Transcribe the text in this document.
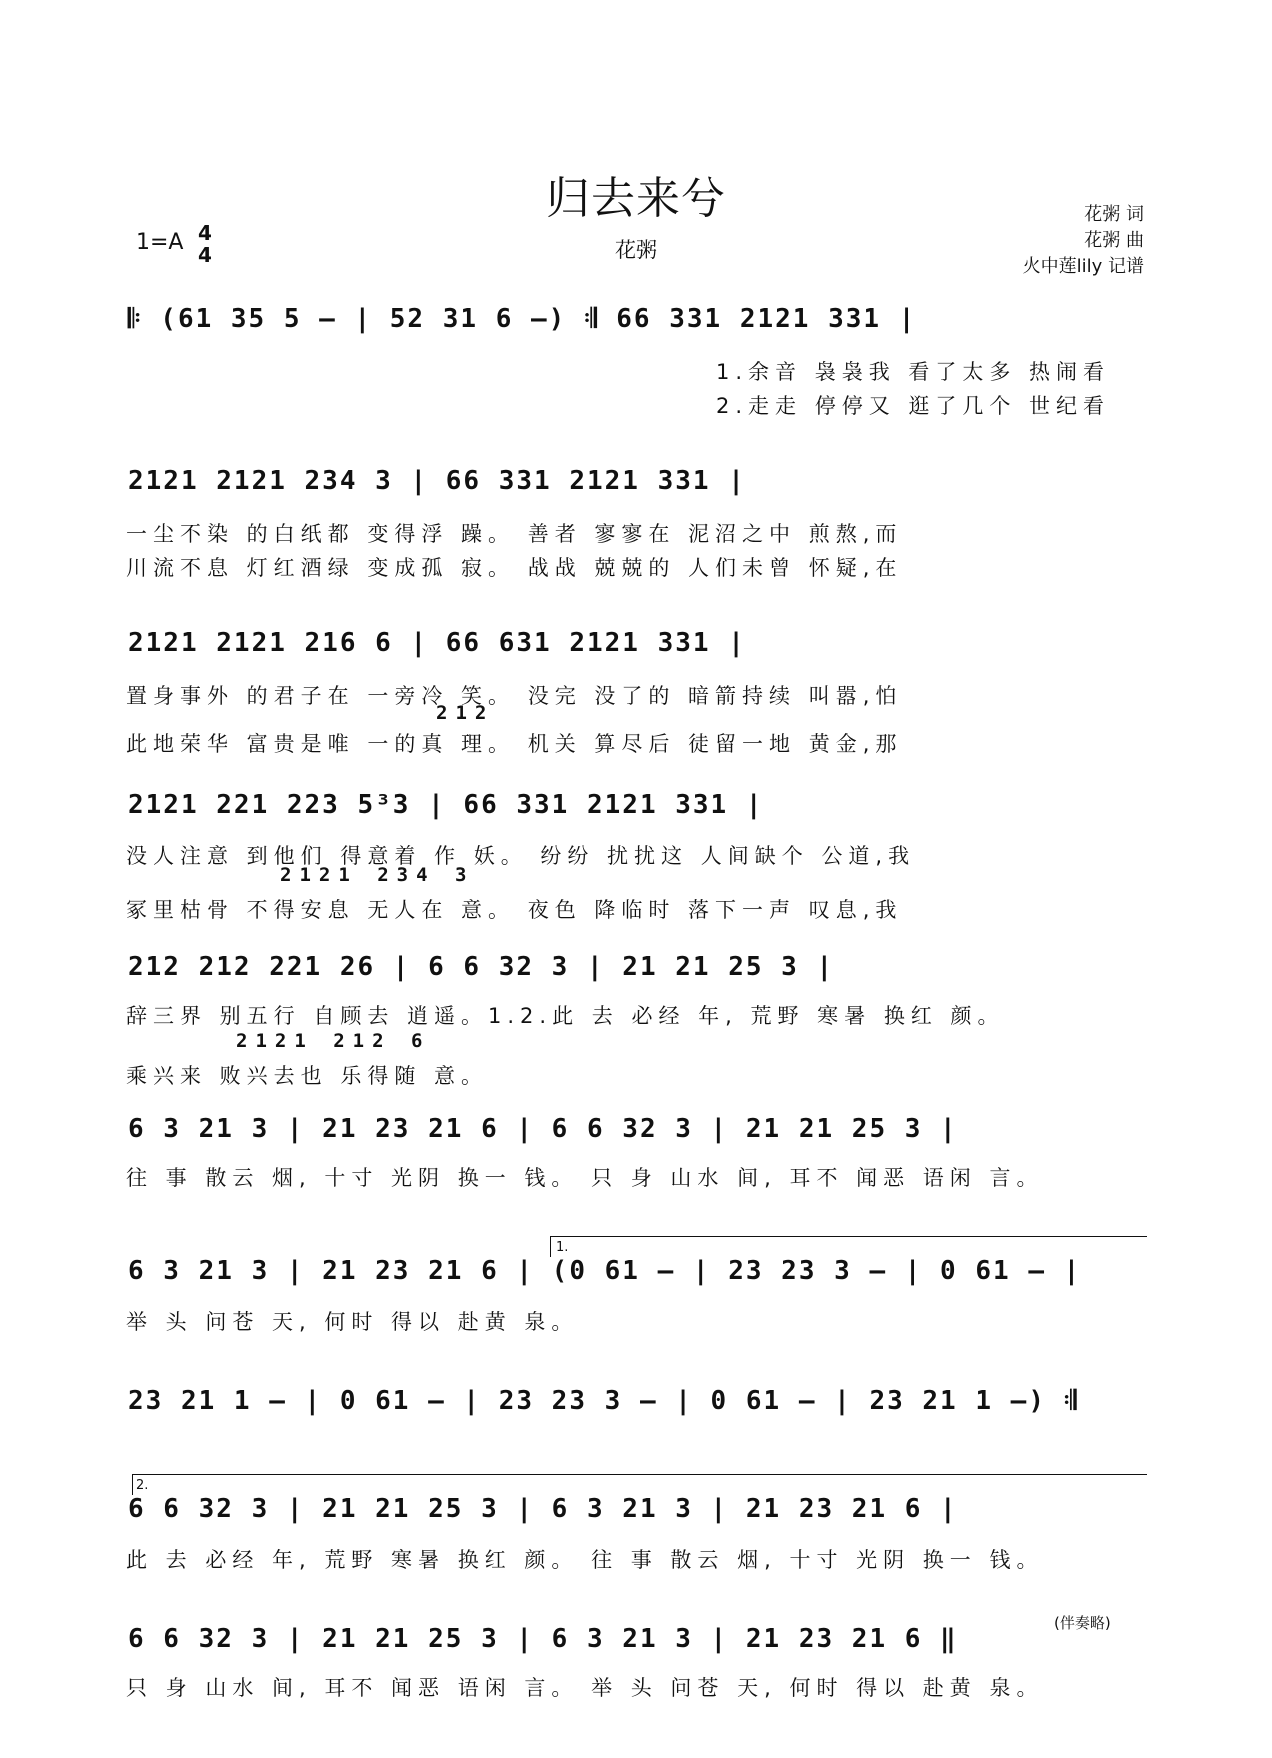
归去来兮
1=A 4
4	花粥
花粥 词
花粥 曲
火中莲lily 记谱
𝄆 (61 35 5 – | 52 31 6 –) 𝄇 66 331 2121 331 |
1.余音 袅袅我 看了太多 热闹看
2.走走 停停又 逛了几个 世纪看
2121 2121 234 3 | 66 331 2121 331 |
一尘不染 的白纸都 变得浮 躁。 善者 寥寥在 泥沼之中 煎熬,而
川流不息 灯红酒绿 变成孤 寂。 战战 兢兢的 人们未曾 怀疑,在
2121 2121 216 6 | 66 631 2121 331 |
置身事外 的君子在 一旁冷 笑。 没完 没了的 暗箭持续 叫嚣,怕
212
此地荣华 富贵是唯 一的真 理。 机关 算尽后 徒留一地 黄金,那
2121 221 223 5³3 | 66 331 2121 331 |
没人注意 到他们 得意着 作 妖。 纷纷 扰扰这 人间缺个 公道,我
2121 234 3
冢里枯骨 不得安息 无人在 意。 夜色 降临时 落下一声 叹息,我
212 212 221 26 | 6 6 32 3 | 21 21 25 3 |
辞三界 别五行 自顾去 逍遥。1.2.此 去 必经 年, 荒野 寒暑 换红 颜。
2121 212 6
乘兴来 败兴去也 乐得随 意。
6 3 21 3 | 21 23 21 6 | 6 6 32 3 | 21 21 25 3 |
往 事 散云 烟, 十寸 光阴 换一 钱。 只 身 山水 间, 耳不 闻恶 语闲 言。
1.
6 3 21 3 | 21 23 21 6 | (0 61 – | 23 23 3 – | 0 61 – |
举 头 问苍 天, 何时 得以 赴黄 泉。
23 21 1 – | 0 61 – | 23 23 3 – | 0 61 – | 23 21 1 –) 𝄇
2.
6 6 32 3 | 21 21 25 3 | 6 3 21 3 | 21 23 21 6 |
此 去 必经 年, 荒野 寒暑 换红 颜。 往 事 散云 烟, 十寸 光阴 换一 钱。
6 6 32 3 | 21 21 25 3 | 6 3 21 3 | 21 23 21 6 ‖
(伴奏略)
只 身 山水 间, 耳不 闻恶 语闲 言。 举 头 问苍 天, 何时 得以 赴黄 泉。
